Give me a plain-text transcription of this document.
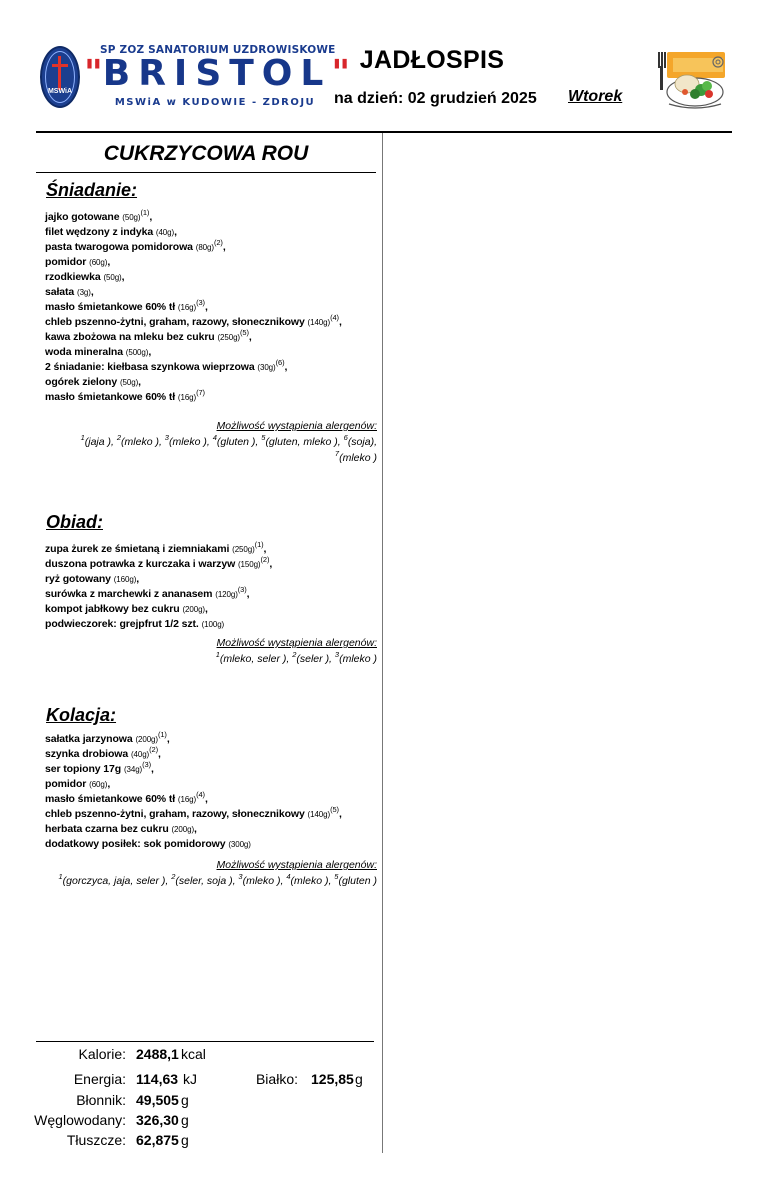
MSWiA
SP ZOZ SANATORIUM UZDROWISKOWE
"BRISTOL"
MSWiA w KUDOWIE - ZDROJU
JADŁOSPIS
na dzień: 02 grudzień 2025 Wtorek
CUKRZYCOWA ROU
Śniadanie:
jajko gotowane $(50g)^{(1)}$,
filet wędzony z indyka (40g),
pasta twarogowa pomidorowa $(80g)^{(2)}$,
pomidor (60g),
rzodkiewka (50g),
sałata (3g),
masło śmietankowe 60% tł $(16g)^{(3)}$,
chleb pszenno-żytni, graham, razowy, słonecznikowy $(140g)^{(4)}$,
kawa zbożowa na mleku bez cukru $(250g)^{(5)}$,
woda mineralna (500g),
2 śniadanie: kiełbasa szynkowa wieprzowa $(30g)^{(6)}$,
ogórek zielony (50g),
masło śmietankowe 60% tł $(16g)^{(7)}$
Możliwość wystąpienia alergenów:
$^1$(jaja ), $^2$(mleko ), $^3$(mleko ), $^4$(gluten ), $^5$(gluten, mleko ), $^6$(soja),
$^7$(mleko )
Obiad:
zupa żurek ze śmietaną i ziemniakami $(250g)^{(1)}$,
duszona potrawka z kurczaka i warzyw $(150g)^{(2)}$,
ryż gotowany (160g),
surówka z marchewki z ananasem $(120g)^{(3)}$,
kompot jabłkowy bez cukru (200g),
podwieczorek: grejpfrut 1/2 szt. (100g)
Możliwość wystąpienia alergenów:
$^1$(mleko, seler ), $^2$(seler ), $^3$(mleko )
Kolacja:
sałatka jarzynowa $(200g)^{(1)}$,
szynka drobiowa $(40g)^{(2)}$,
ser topiony 17g $(34g)^{(3)}$,
pomidor (60g),
masło śmietankowe 60% tł $(16g)^{(4)}$,
chleb pszenno-żytni, graham, razowy, słonecznikowy $(140g)^{(5)}$,
herbata czarna bez cukru (200g),
dodatkowy posiłek: sok pomidorowy (300g)
Możliwość wystąpienia alergenów:
$^1$(gorczyca, jaja, seler ), $^2$(seler, soja ), $^3$(mleko ), $^4$(mleko ), $^5$(gluten )
Kalorie: 2488,1 kcal
Energia: 114,63 kJ	Białko: 125,85 g
Błonnik: 49,505 g
Węglowodany: 326,30 g
Tłuszcze: 62,875 g
